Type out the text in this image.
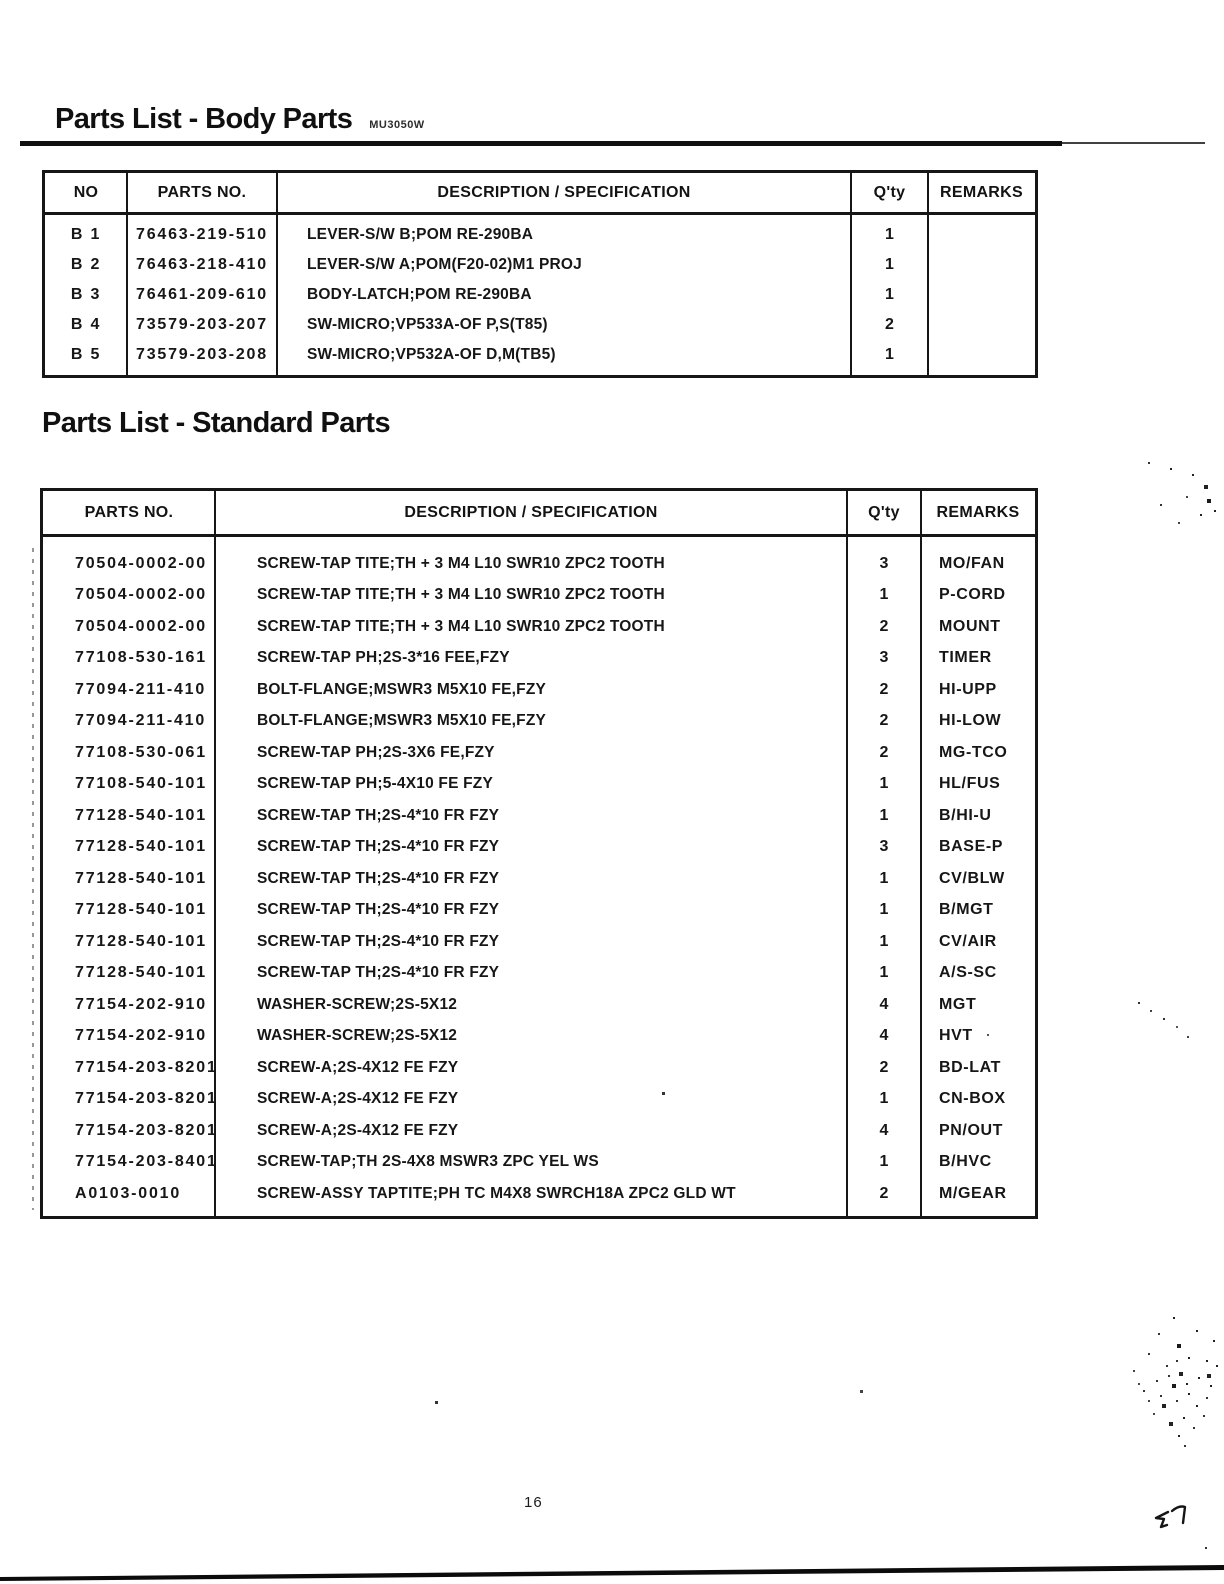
Parts List - Body Parts MU3050W
NO	PARTS NO.	DESCRIPTION / SPECIFICATION	Q'ty	REMARKS
B 1	76463-219-510	LEVER-S/W B;POM RE-290BA	1
B 2	76463-218-410	LEVER-S/W A;POM(F20-02)M1 PROJ	1
B 3	76461-209-610	BODY-LATCH;POM RE-290BA	1
B 4	73579-203-207	SW-MICRO;VP533A-OF P,S(T85)	2
B 5	73579-203-208	SW-MICRO;VP532A-OF D,M(TB5)	1
Parts List - Standard Parts
PARTS NO.	DESCRIPTION / SPECIFICATION	Q'ty	REMARKS
70504-0002-00	SCREW-TAP TITE;TH + 3 M4 L10 SWR10 ZPC2 TOOTH	3	MO/FAN
70504-0002-00	SCREW-TAP TITE;TH + 3 M4 L10 SWR10 ZPC2 TOOTH	1	P-CORD
70504-0002-00	SCREW-TAP TITE;TH + 3 M4 L10 SWR10 ZPC2 TOOTH	2	MOUNT
77108-530-161	SCREW-TAP PH;2S-3*16 FEE,FZY	3	TIMER
77094-211-410	BOLT-FLANGE;MSWR3 M5X10 FE,FZY	2	HI-UPP
77094-211-410	BOLT-FLANGE;MSWR3 M5X10 FE,FZY	2	HI-LOW
77108-530-061	SCREW-TAP PH;2S-3X6 FE,FZY	2	MG-TCO
77108-540-101	SCREW-TAP PH;5-4X10 FE FZY	1	HL/FUS
77128-540-101	SCREW-TAP TH;2S-4*10 FR FZY	1	B/HI-U
77128-540-101	SCREW-TAP TH;2S-4*10 FR FZY	3	BASE-P
77128-540-101	SCREW-TAP TH;2S-4*10 FR FZY	1	CV/BLW
77128-540-101	SCREW-TAP TH;2S-4*10 FR FZY	1	B/MGT
77128-540-101	SCREW-TAP TH;2S-4*10 FR FZY	1	CV/AIR
77128-540-101	SCREW-TAP TH;2S-4*10 FR FZY	1	A/S-SC
77154-202-910	WASHER-SCREW;2S-5X12	4	MGT
77154-202-910	WASHER-SCREW;2S-5X12	4	HVT
77154-203-8201	SCREW-A;2S-4X12 FE FZY	2	BD-LAT
77154-203-8201	SCREW-A;2S-4X12 FE FZY	1	CN-BOX
77154-203-8201	SCREW-A;2S-4X12 FE FZY	4	PN/OUT
77154-203-8401	SCREW-TAP;TH 2S-4X8 MSWR3 ZPC YEL WS	1	B/HVC
A0103-0010	SCREW-ASSY TAPTITE;PH TC M4X8 SWRCH18A ZPC2 GLD WT	2	M/GEAR
16
